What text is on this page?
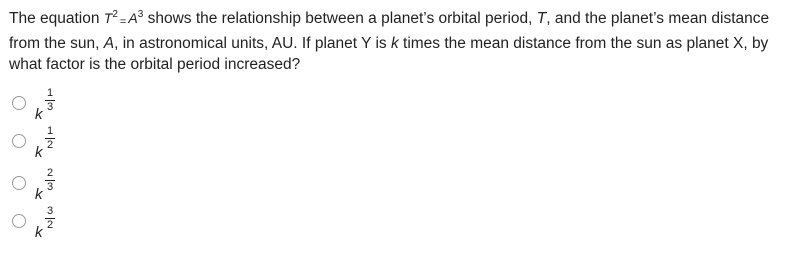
The equation $T^2= A^3$ shows the relationship between a planet’s orbital period, T, and the planet’s mean distance from the sun, A, in astronomical units, AU. If planet Y is k times the mean distance from the sun as planet X, by what factor is the orbital period increased?
k
1
3
k
1
2
k
2
3
k
3
2
